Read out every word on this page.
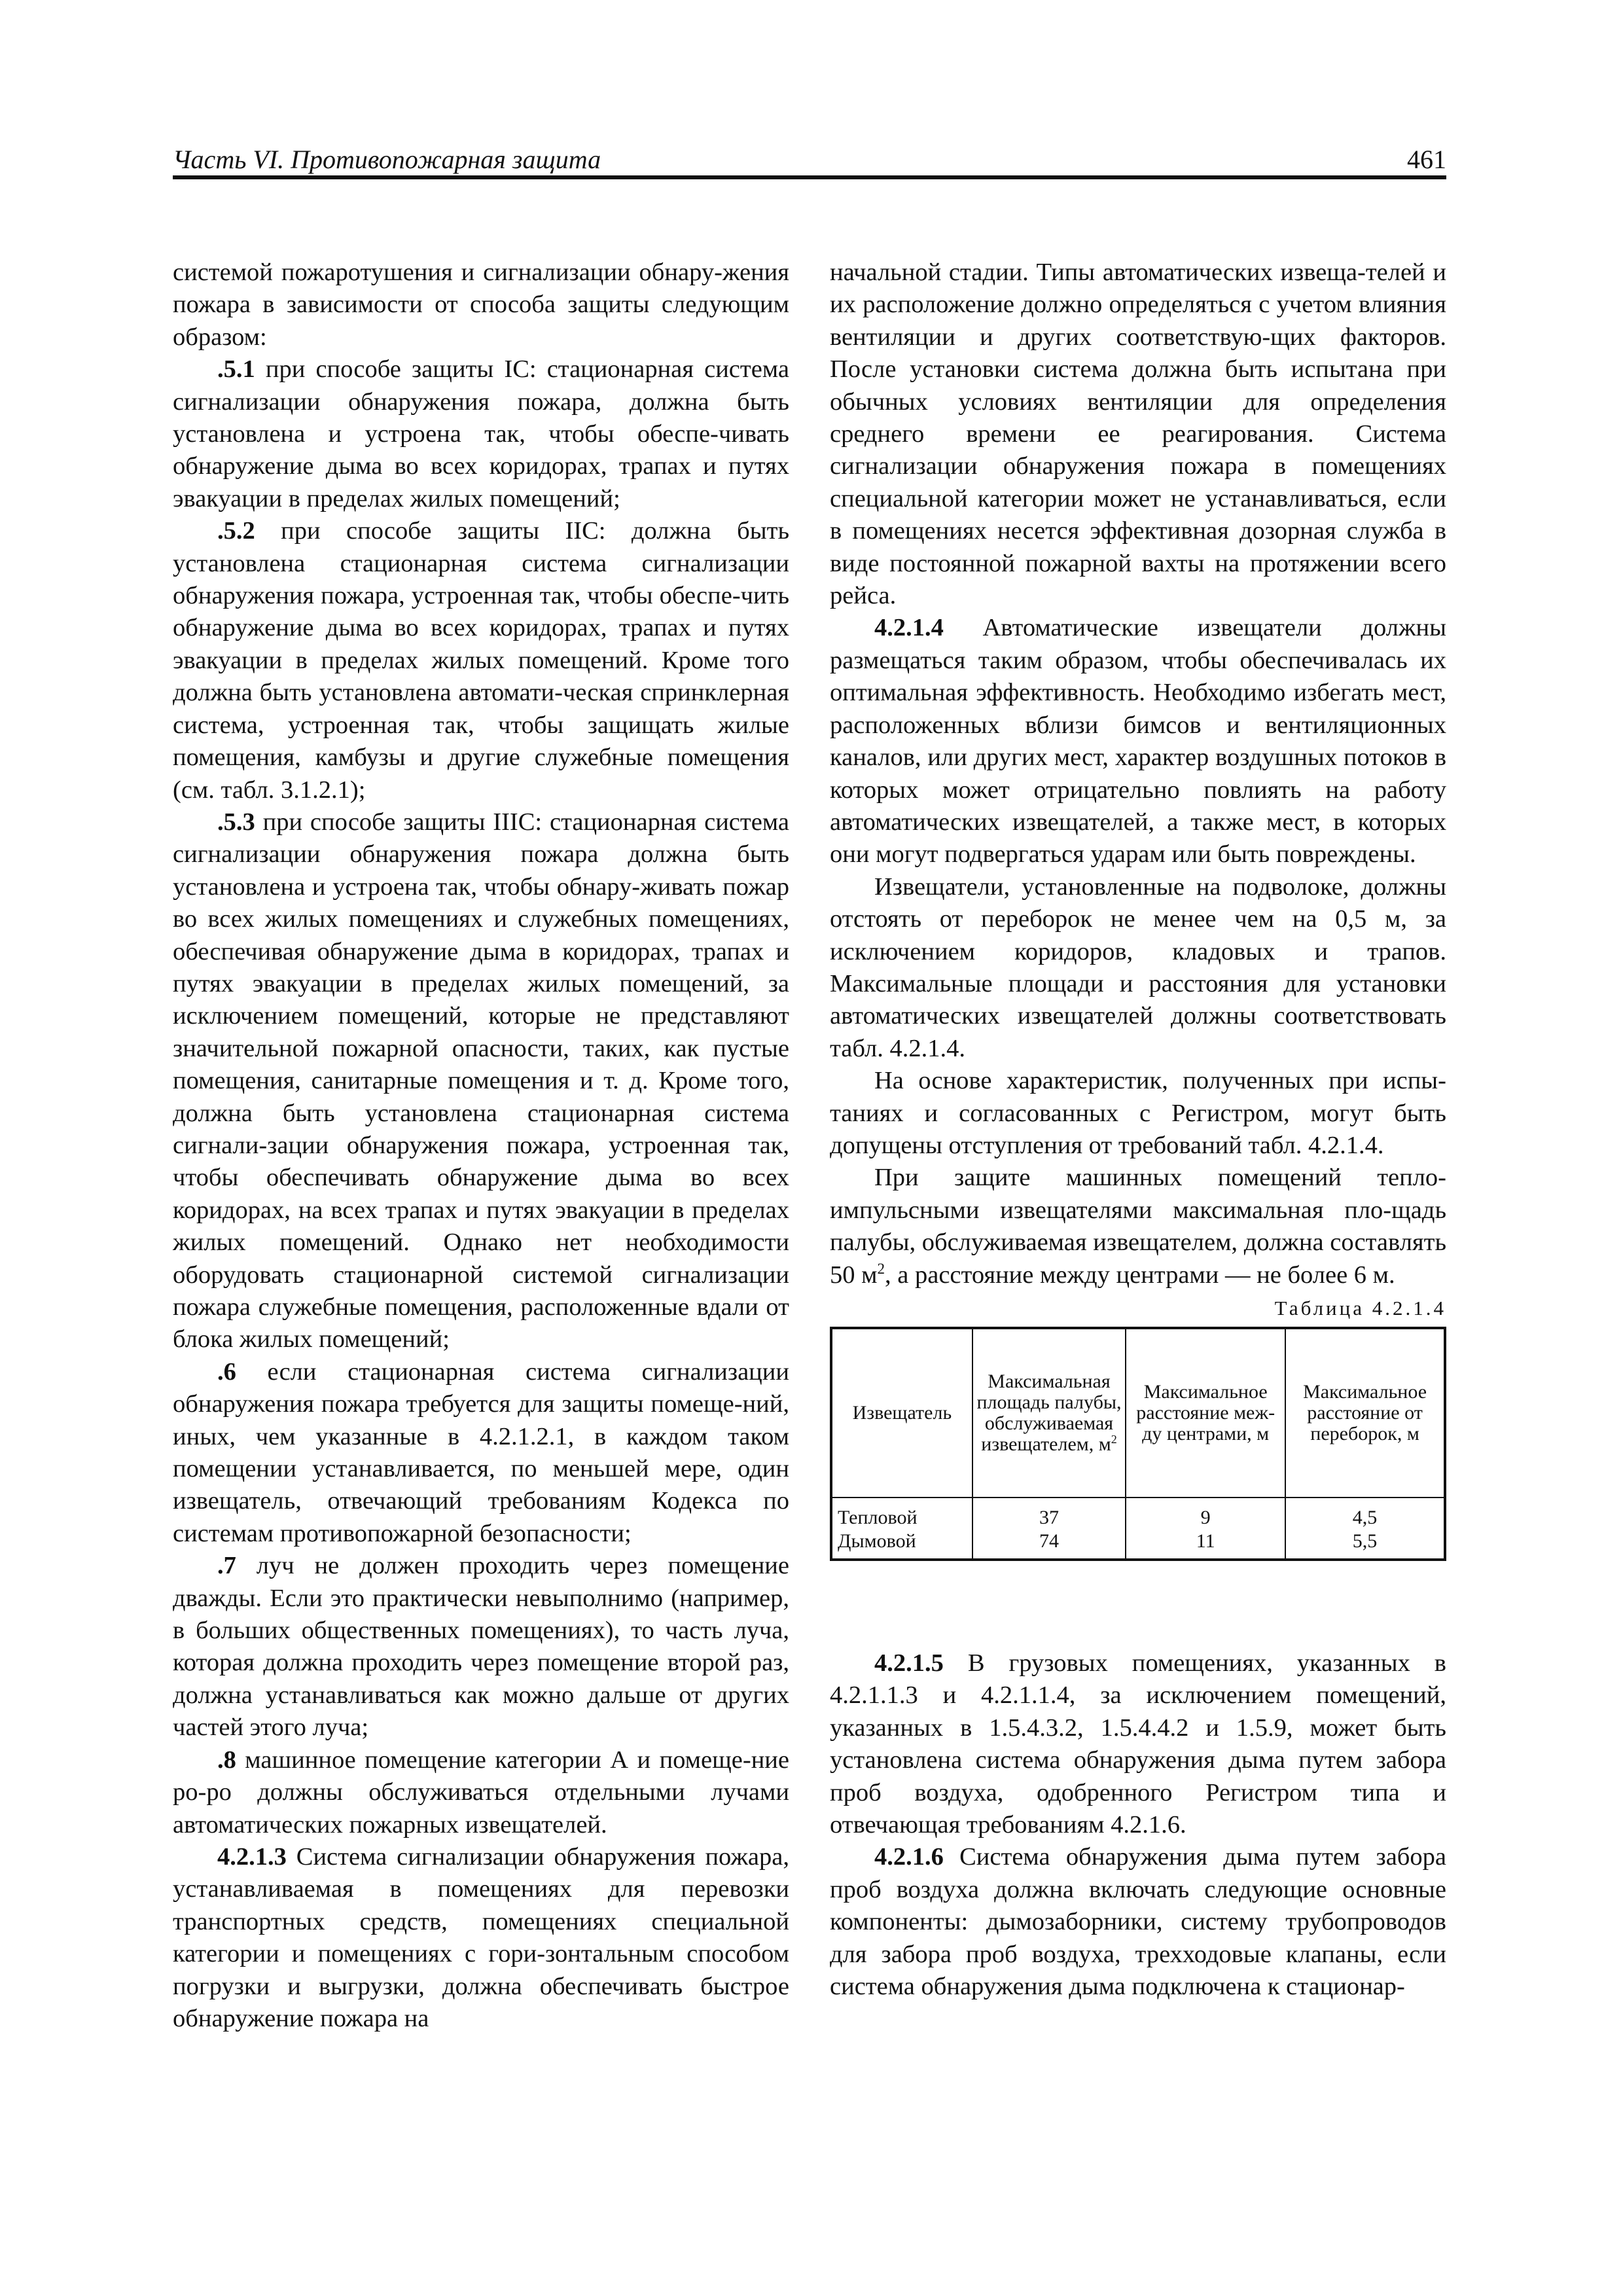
Часть VI. Противопожарная защита	461

системой пожаротушения и сигнализации обнару-жения пожара в зависимости от способа защиты следующим образом:

.5.1 при способе защиты IC: стационарная система сигнализации обнаружения пожара, должна быть установлена и устроена так, чтобы обеспе-чивать обнаружение дыма во всех коридорах, трапах и путях эвакуации в пределах жилых помещений;

.5.2 при способе защиты IIC: должна быть установлена стационарная система сигнализации обнаружения пожара, устроенная так, чтобы обеспе-чить обнаружение дыма во всех коридорах, трапах и путях эвакуации в пределах жилых помещений. Кроме того должна быть установлена автомати-ческая спринклерная система, устроенная так, чтобы защищать жилые помещения, камбузы и другие служебные помещения (см. табл. 3.1.2.1);

.5.3 при способе защиты IIIC: стационарная система сигнализации обнаружения пожара должна быть установлена и устроена так, чтобы обнару-живать пожар во всех жилых помещениях и служебных помещениях, обеспечивая обнаружение дыма в коридорах, трапах и путях эвакуации в пределах жилых помещений, за исключением помещений, которые не представляют значительной пожарной опасности, таких, как пустые помещения, санитарные помещения и т. д. Кроме того, должна быть установлена стационарная система сигнали-зации обнаружения пожара, устроенная так, чтобы обеспечивать обнаружение дыма во всех коридорах, на всех трапах и путях эвакуации в пределах жилых помещений. Однако нет необходимости оборудовать стационарной системой сигнализации пожара служебные помещения, расположенные вдали от блока жилых помещений;

.6 если стационарная система сигнализации обнаружения пожара требуется для защиты помеще-ний, иных, чем указанные в 4.2.1.2.1, в каждом таком помещении устанавливается, по меньшей мере, один извещатель, отвечающий требованиям Кодекса по системам противопожарной безопасности;

.7 луч не должен проходить через помещение дважды. Если это практически невыполнимо (например, в больших общественных помещениях), то часть луча, которая должна проходить через помещение второй раз, должна устанавливаться как можно дальше от других частей этого луча;

.8 машинное помещение категории А и помеще-ние ро-ро должны обслуживаться отдельными лучами автоматических пожарных извещателей.

4.2.1.3 Система сигнализации обнаружения пожара, устанавливаемая в помещениях для перевозки транспортных средств, помещениях специальной категории и помещениях с гори-зонтальным способом погрузки и выгрузки, должна обеспечивать быстрое обнаружение пожара на

начальной стадии. Типы автоматических извеща-телей и их расположение должно определяться с учетом влияния вентиляции и других соответствую-щих факторов. После установки система должна быть испытана при обычных условиях вентиляции для определения среднего времени ее реагирования. Система сигнализации обнаружения пожара в помещениях специальной категории может не устанавливаться, если в помещениях несется эффективная дозорная служба в виде постоянной пожарной вахты на протяжении всего рейса.

4.2.1.4 Автоматические извещатели должны размещаться таким образом, чтобы обеспечивалась их оптимальная эффективность. Необходимо избегать мест, расположенных вблизи бимсов и вентиляционных каналов, или других мест, характер воздушных потоков в которых может отрицательно повлиять на работу автоматических извещателей, а также мест, в которых они могут подвергаться ударам или быть повреждены.

Извещатели, установленные на подволоке, должны отстоять от переборок не менее чем на 0,5 м, за исключением коридоров, кладовых и трапов. Максимальные площади и расстояния для установки автоматических извещателей должны соответствовать табл. 4.2.1.4.

На основе характеристик, полученных при испы-таниях и согласованных с Регистром, могут быть допущены отступления от требований табл. 4.2.1.4.

При защите машинных помещений тепло-импульсными извещателями максимальная пло-щадь палубы, обслуживаемая извещателем, должна составлять 50 $м^2$, а расстояние между центрами — не более 6 м.

Таблица 4.2.1.4
Извещатель	Максимальная площадь палубы, обслуживаемая извещателем, $м^2$	Максимальное расстояние меж-ду центрами, м	Максимальное расстояние от переборок, м
Тепловой	37	9	4,5
Дымовой	74	11	5,5

4.2.1.5 В грузовых помещениях, указанных в 4.2.1.1.3 и 4.2.1.1.4, за исключением помещений, указанных в 1.5.4.3.2, 1.5.4.4.2 и 1.5.9, может быть установлена система обнаружения дыма путем забора проб воздуха, одобренного Регистром типа и отвечающая требованиям 4.2.1.6.

4.2.1.6 Система обнаружения дыма путем забора проб воздуха должна включать следующие основные компоненты: дымозаборники, систему трубопроводов для забора проб воздуха, трехходовые клапаны, если система обнаружения дыма подключена к стационар-
